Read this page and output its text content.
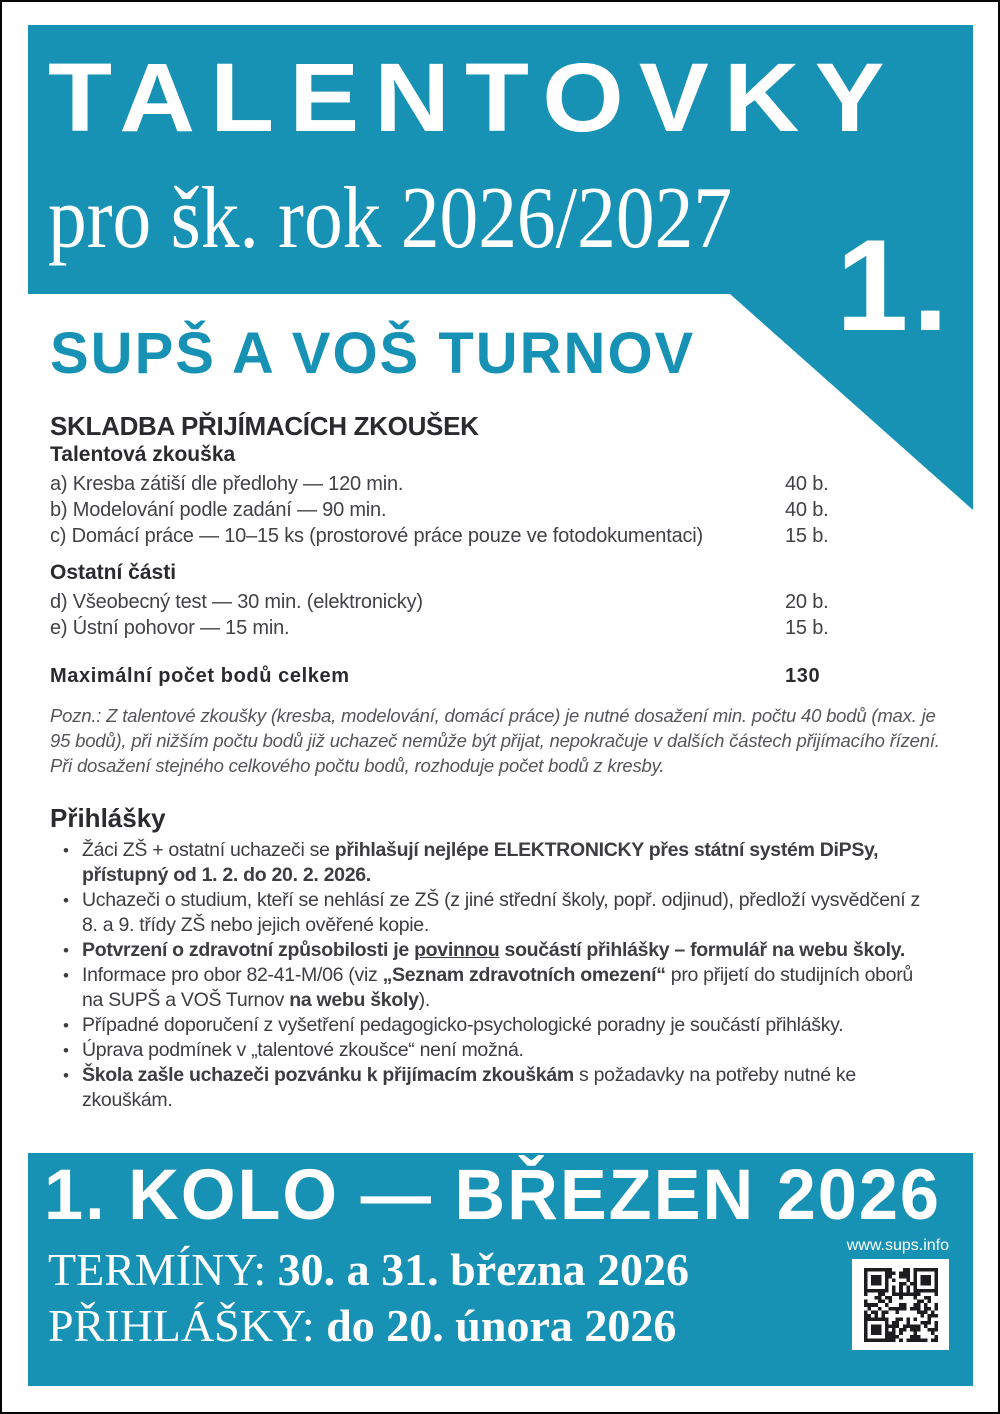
TALENTOVKY
pro šk. rok 2026/2027 1.
SUPŠ A VOŠ TURNOV
SKLADBA PŘIJÍMACÍCH ZKOUŠEK
Talentová zkouška
a) Kresba zátiší dle předlohy — 120 min.	40 b.
b) Modelování podle zadání — 90 min.	40 b.
c) Domácí práce — 10–15 ks (prostorové práce pouze ve fotodokumentaci)	15 b.
Ostatní části
d) Všeobecný test — 30 min. (elektronicky)	20 b.
e) Ústní pohovor — 15 min.	15 b.
Maximální počet bodů celkem	130

Pozn.: Z talentové zkoušky (kresba, modelování, domácí práce) je nutné dosažení min. počtu 40 bodů (max. je 95 bodů), při nižším počtu bodů již uchazeč nemůže být přijat, nepokračuje v dalších částech přijímacího řízení.

Při dosažení stejného celkového počtu bodů, rozhoduje počet bodů z kresby.

Přihlášky
• Žáci ZŠ + ostatní uchazeči se přihlašují nejlépe ELEKTRONICKY přes státní systém DiPSy, přístupný od 1. 2. do 20. 2. 2026.
• Uchazeči o studium, kteří se nehlásí ze ZŠ (z jiné střední školy, popř. odjinud), předloží vysvědčení z 8. a 9. třídy ZŠ nebo jejich ověřené kopie.
• Potvrzení o zdravotní způsobilosti je povinnou součástí přihlášky – formulář na webu školy.
• Informace pro obor 82-41-M/06 (viz „Seznam zdravotních omezení“ pro přijetí do studijních oborů na SUPŠ a VOŠ Turnov na webu školy).
• Případné doporučení z vyšetření pedagogicko-psychologické poradny je součástí přihlášky.
• Úprava podmínek v „talentové zkoušce“ není možná.
• Škola zašle uchazeči pozvánku k přijímacím zkouškám s požadavky na potřeby nutné ke zkouškám.
1. KOLO — BŘEZEN 2026
TERMÍNY: 30. a 31. března 2026
PŘIHLÁŠKY: do 20. února 2026
www.sups.info
